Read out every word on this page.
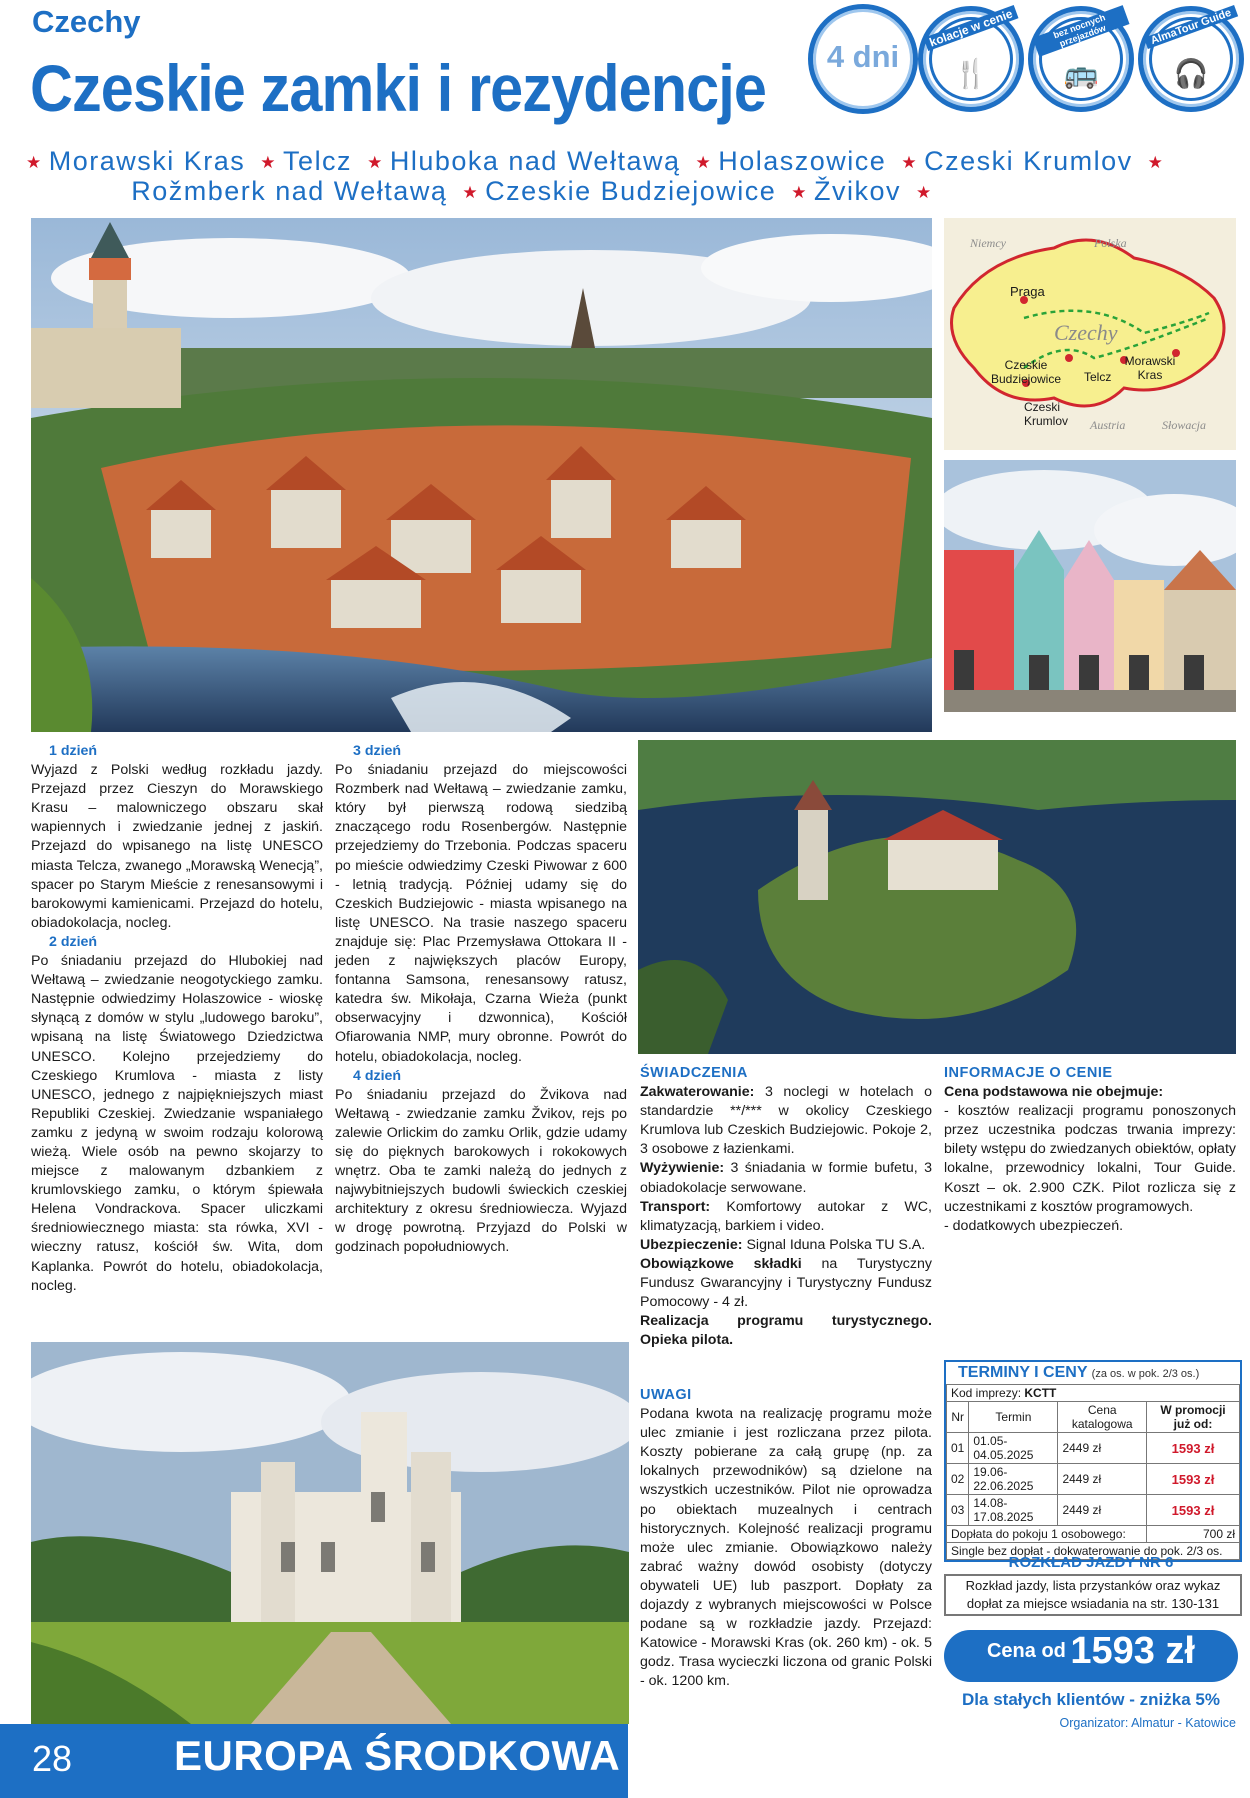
Czechy
Czeskie zamki i rezydencje
★ Morawski Kras ★ Telcz ★ Hluboka nad Wełtawą ★ Holaszowice ★ Czeski Krumlov ★
Rožmberk nad Wełtawą ★ Czeskie Budziejowice ★ Žvikov ★
4 dni
kolacje w cenie
🍴
bez nocnych przejazdów
🚌
AlmaTour Guide
🎧
Niemcy	Polska
Austria	Słowacja
Czechy
Praga
Czeskie Budziejowice	Telcz
Morawski Kras
Czeski Krumlov

1 dzień

Wyjazd z Polski według rozkładu jazdy. Przejazd przez Cieszyn do Morawskiego Krasu – malowniczego obszaru skał wapiennych i zwiedzanie jednej z jaskiń. Przejazd do wpisanego na listę UNESCO miasta Telcza, zwanego „Morawską Wenecją”, spacer po Starym Mieście z renesansowymi i barokowymi kamienicami. Przejazd do hotelu, obiadokolacja, nocleg.

2 dzień

Po śniadaniu przejazd do Hlubokiej nad Wełtawą – zwiedzanie neogotyckiego zamku. Następnie odwiedzimy Holaszowice - wioskę słynącą z domów w stylu „ludowego baroku”, wpisaną na listę Światowego Dziedzictwa UNESCO. Kolejno przejedziemy do Czeskiego Krumlova - miasta z listy UNESCO, jednego z najpiękniejszych miast Republiki Czeskiej. Zwiedzanie wspaniałego zamku z jedyną w swoim rodzaju kolorową wieżą. Wiele osób na pewno skojarzy to miejsce z malowanym dzbankiem z krumlovskiego zamku, o którym śpiewała Helena Vondrackova. Spacer uliczkami średniowiecznego miasta: sta rówka, XVI - wieczny ratusz, kościół św. Wita, dom Kaplanka. Powrót do hotelu, obiadokolacja, nocleg.

3 dzień

Po śniadaniu przejazd do miejscowości Rozmberk nad Wełtawą – zwiedzanie zamku, który był pierwszą rodową siedzibą znaczącego rodu Rosenbergów. Następnie przejedziemy do Trzebonia. Podczas spaceru po mieście odwiedzimy Czeski Piwowar z 600 - letnią tradycją. Później udamy się do Czeskich Budziejowic - miasta wpisanego na listę UNESCO. Na trasie naszego spaceru znajduje się: Plac Przemysława Ottokara II - jeden z największych placów Europy, fontanna Samsona, renesansowy ratusz, katedra św. Mikołaja, Czarna Wieża (punkt obserwacyjny i dzwonnica), Kościół Ofiarowania NMP, mury obronne. Powrót do hotelu, obiadokolacja, nocleg.

4 dzień

Po śniadaniu przejazd do Žvikova nad Wełtawą - zwiedzanie zamku Žvikov, rejs po zalewie Orlickim do zamku Orlik, gdzie udamy się do pięknych barokowych i rokokowych wnętrz. Oba te zamki należą do jednych z najwybitniejszych budowli świeckich czeskiej architektury z okresu średniowiecza. Wyjazd w drogę powrotną. Przyjazd do Polski w godzinach popołudniowych.

ŚWIADCZENIA

Zakwaterowanie: 3 noclegi w hotelach o standardzie **/*** w okolicy Czeskiego Krumlova lub Czeskich Budziejowic. Pokoje 2, 3 osobowe z łazienkami.

Wyżywienie: 3 śniadania w formie bufetu, 3 obiadokolacje serwowane.

Transport: Komfortowy autokar z WC, klimatyzacją, barkiem i video.

Ubezpieczenie: Signal Iduna Polska TU S.A.

Obowiązkowe składki na Turystyczny Fundusz Gwarancyjny i Turystyczny Fundusz Pomocowy - 4 zł.

Realizacja programu turystycznego. Opieka pilota.

UWAGI

Podana kwota na realizację programu może ulec zmianie i jest rozliczana przez pilota. Koszty pobierane za całą grupę (np. za lokalnych przewodników) są dzielone na wszystkich uczestników. Pilot nie oprowadza po obiektach muzealnych i centrach historycznych. Kolejność realizacji programu może ulec zmianie. Obowiązkowo należy zabrać ważny dowód osobisty (dotyczy obywateli UE) lub paszport. Dopłaty za dojazdy z wybranych miejscowości w Polsce podane są w rozkładzie jazdy. Przejazd: Katowice - Morawski Kras (ok. 260 km) - ok. 5 godz. Trasa wycieczki liczona od granic Polski - ok. 1200 km.

INFORMACJE O CENIE

Cena podstawowa nie obejmuje:

- kosztów realizacji programu ponoszonych przez uczestnika podczas trwania imprezy: bilety wstępu do zwiedzanych obiektów, opłaty lokalne, przewodnicy lokalni, Tour Guide. Koszt – ok. 2.900 CZK. Pilot rozlicza się z uczestnikami z kosztów programowych.

- dodatkowych ubezpieczeń.

TERMINY I CENY (za os. w pok. 2/3 os.)
Kod imprezy: KCTT			
Nr	Termin	Cena katalogowa	W promocji już od:
01	01.05-04.05.2025	2449 zł	1593 zł
02	19.06-22.06.2025	2449 zł	1593 zł
03	14.08-17.08.2025	2449 zł	1593 zł
Dopłata do pokoju 1 osobowego:			700 zł
Single bez dopłat - dokwaterowanie do pok. 2/3 os.			
ROZKŁAD JAZDY NR 6
Rozkład jazdy, lista przystanków oraz wykaz dopłat za miejsce wsiadania na str. 130-131
Cena od 1593 zł
Dla stałych klientów - zniżka 5%
Organizator: Almatur - Katowice
28 EUROPA ŚRODKOWA
